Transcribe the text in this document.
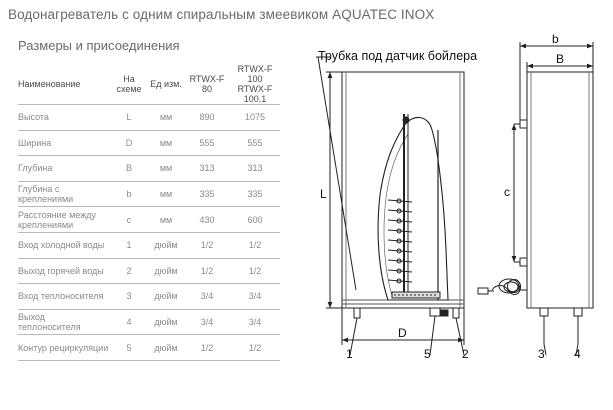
Водонагреватель с одним спиральным змеевиком AQUATEC INOX
Размеры и присоединения
Наименование	На схеме	Ед изм.	RTWX-F 80	RTWX-F 100
RTWX-F 100.1
Высота	L	мм	890	1075
Ширина	D	мм	555	555
Глубина	B	мм	313	313
Глубина с креплениями	b	мм	335	335
Расстояние между креплениями	c	мм	430	600
Вход холодной воды	1	дюйм	1/2	1/2
Выход горячей воды	2	дюйм	1/2	1/2
Вход теплоносителя	3	дюйм	3/4	3/4
Выход теплоносителя	4	дюйм	3/4	3/4
Контур рециркуляции	5	дюйм	1/2	1/2
Трубка под датчик бойлера
L
D
1	5	2
b
B
c
3 4
